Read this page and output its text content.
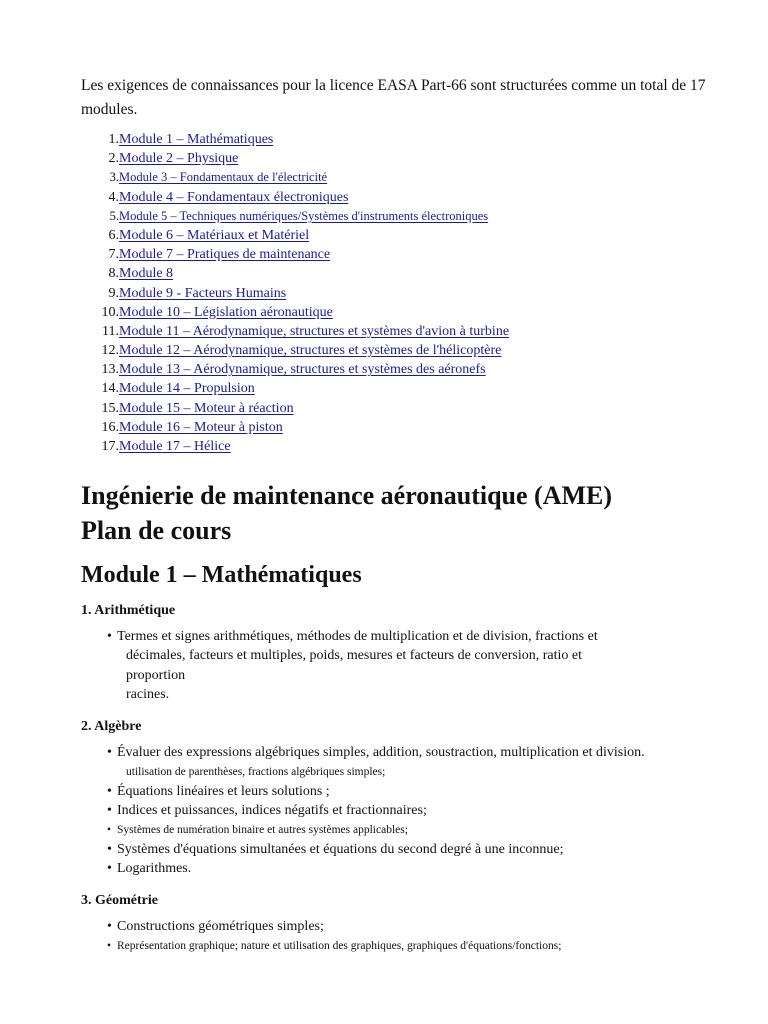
Les exigences de connaissances pour la licence EASA Part-66 sont structurées comme un total de 17 modules.

1.Module 1 – Mathématiques
2.Module 2 – Physique
3.Module 3 – Fondamentaux de l'électricité
4.Module 4 – Fondamentaux électroniques
5.Module 5 – Techniques numériques/Systèmes d'instruments électroniques
6.Module 6 – Matériaux et Matériel
7.Module 7 – Pratiques de maintenance
8.Module 8
9.Module 9 - Facteurs Humains
10.Module 10 – Législation aéronautique
11.Module 11 – Aérodynamique, structures et systèmes d'avion à turbine
12.Module 12 – Aérodynamique, structures et systèmes de l'hélicoptère
13.Module 13 – Aérodynamique, structures et systèmes des aéronefs
14.Module 14 – Propulsion
15.Module 15 – Moteur à réaction
16.Module 16 – Moteur à piston
17.Module 17 – Hélice
Ingénierie de maintenance aéronautique (AME)
Plan de cours
Module 1 – Mathématiques
1. Arithmétique
• Termes et signes arithmétiques, méthodes de multiplication et de division, fractions et
décimales, facteurs et multiples, poids, mesures et facteurs de conversion, ratio et
proportion
racines.
2. Algèbre
• Évaluer des expressions algébriques simples, addition, soustraction, multiplication et division.
utilisation de parenthèses, fractions algébriques simples;
• Équations linéaires et leurs solutions ;
• Indices et puissances, indices négatifs et fractionnaires;
• Systèmes de numération binaire et autres systèmes applicables;
• Systèmes d'équations simultanées et équations du second degré à une inconnue;
• Logarithmes.
3. Géométrie
• Constructions géométriques simples;
• Représentation graphique; nature et utilisation des graphiques, graphiques d'équations/fonctions;
